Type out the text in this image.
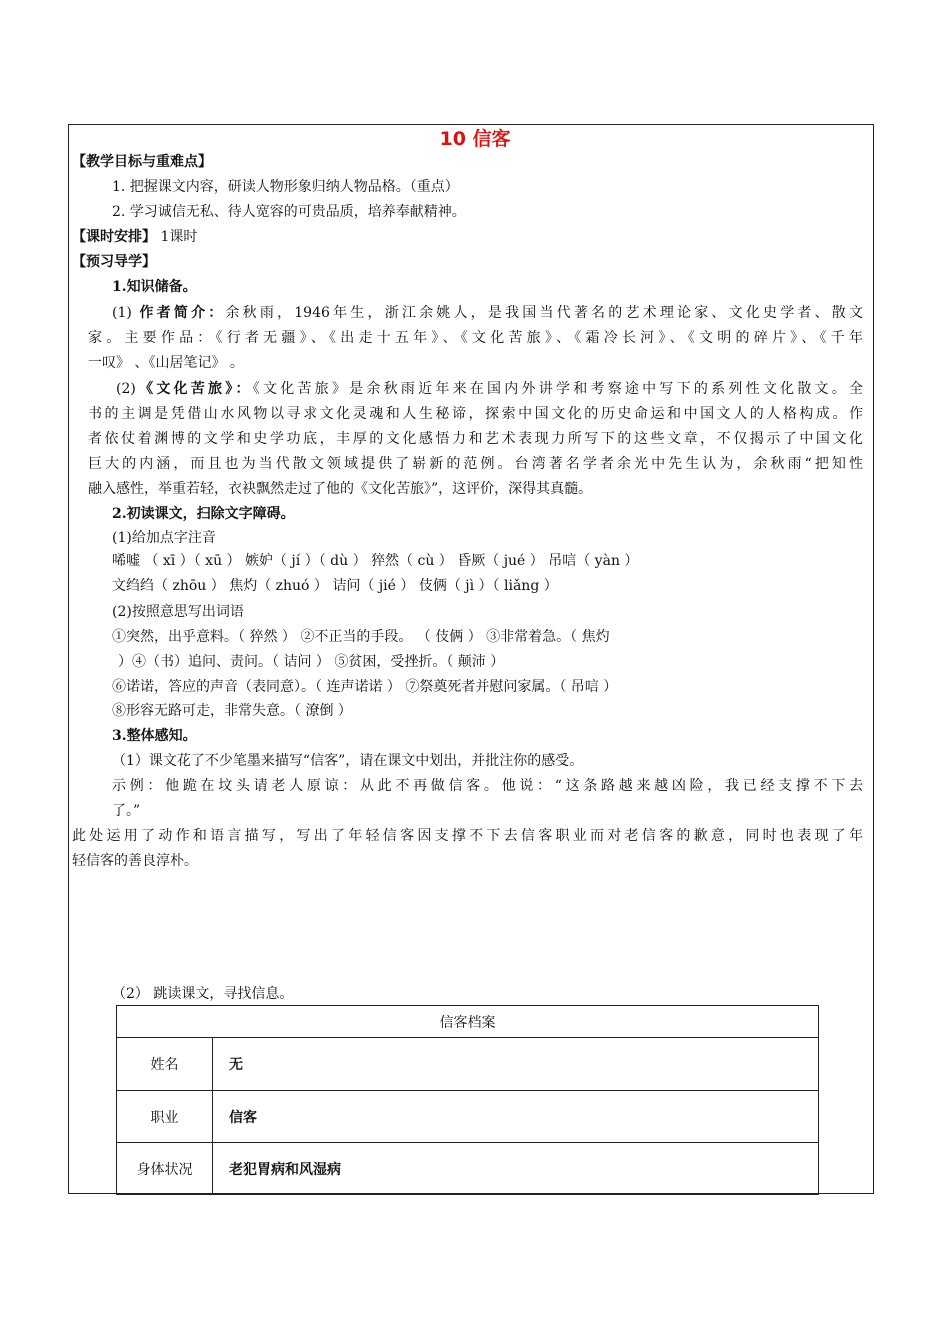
10 信客
【教学目标与重难点】
1. 把握课文内容，研读人物形象归纳人物品格。（重点）
2. 学习诚信无私、待人宽容的可贵品质，培养奉献精神。
【课时安排】 1课时
【预习导学】
1.知识储备。
(1) 作者简介：余秋雨，1946年生，浙江余姚人，是我国当代著名的艺术理论家、文化史学者、散文
家。主要作品：《行者无疆》、《出走十五年》、《文化苦旅》、《霜冷长河》、《文明的碎片》、《千年
一叹》 、《山居笔记》 。
(2)《文化苦旅》：《文化苦旅》是余秋雨近年来在国内外讲学和考察途中写下的系列性文化散文。全
书的主调是凭借山水风物以寻求文化灵魂和人生秘谛，探索中国文化的历史命运和中国文人的人格构成。作
者依仗着渊博的文学和史学功底，丰厚的文化感悟力和艺术表现力所写下的这些文章，不仅揭示了中国文化
巨大的内涵，而且也为当代散文领域提供了崭新的范例。台湾著名学者余光中先生认为，余秋雨“把知性
融入感性，举重若轻，衣袂飘然走过了他的《文化苦旅》”，这评价，深得其真髓。
2.初读课文，扫除文字障碍。
(1)给加点字注音
唏嘘 （ xī ）（ xū ） 嫉妒（ jí ）（ dù ） 猝然（ cù ） 昏厥（ jué ） 吊唁（ yàn ）
文绉绉（ zhōu ） 焦灼（ zhuó ） 诘问（ jié ） 伎俩（ jì ）（ liǎng ）
(2)按照意思写出词语
①突然，出乎意料。（ 猝然 ） ②不正当的手段。 （ 伎俩 ） ③非常着急。（ 焦灼
）④（书）追问、责问。（ 诘问 ） ⑤贫困，受挫折。（ 颠沛 ）
⑥诺诺，答应的声音（表同意）。（ 连声诺诺 ） ⑦祭奠死者并慰问家属。（ 吊唁 ）
⑧形容无路可走，非常失意。（ 潦倒 ）
3.整体感知。
（1）课文花了不少笔墨来描写“信客”，请在课文中划出，并批注你的感受。
示例：他跪在坟头请老人原谅：从此不再做信客。他说：“这条路越来越凶险，我已经支撑不下去
了。”
此处运用了动作和语言描写，写出了年轻信客因支撑不下去信客职业而对老信客的歉意，同时也表现了年
轻信客的善良淳朴。
（2） 跳读课文，寻找信息。
信客档案
姓名	无
职业	信客
身体状况	老犯胃病和风湿病
